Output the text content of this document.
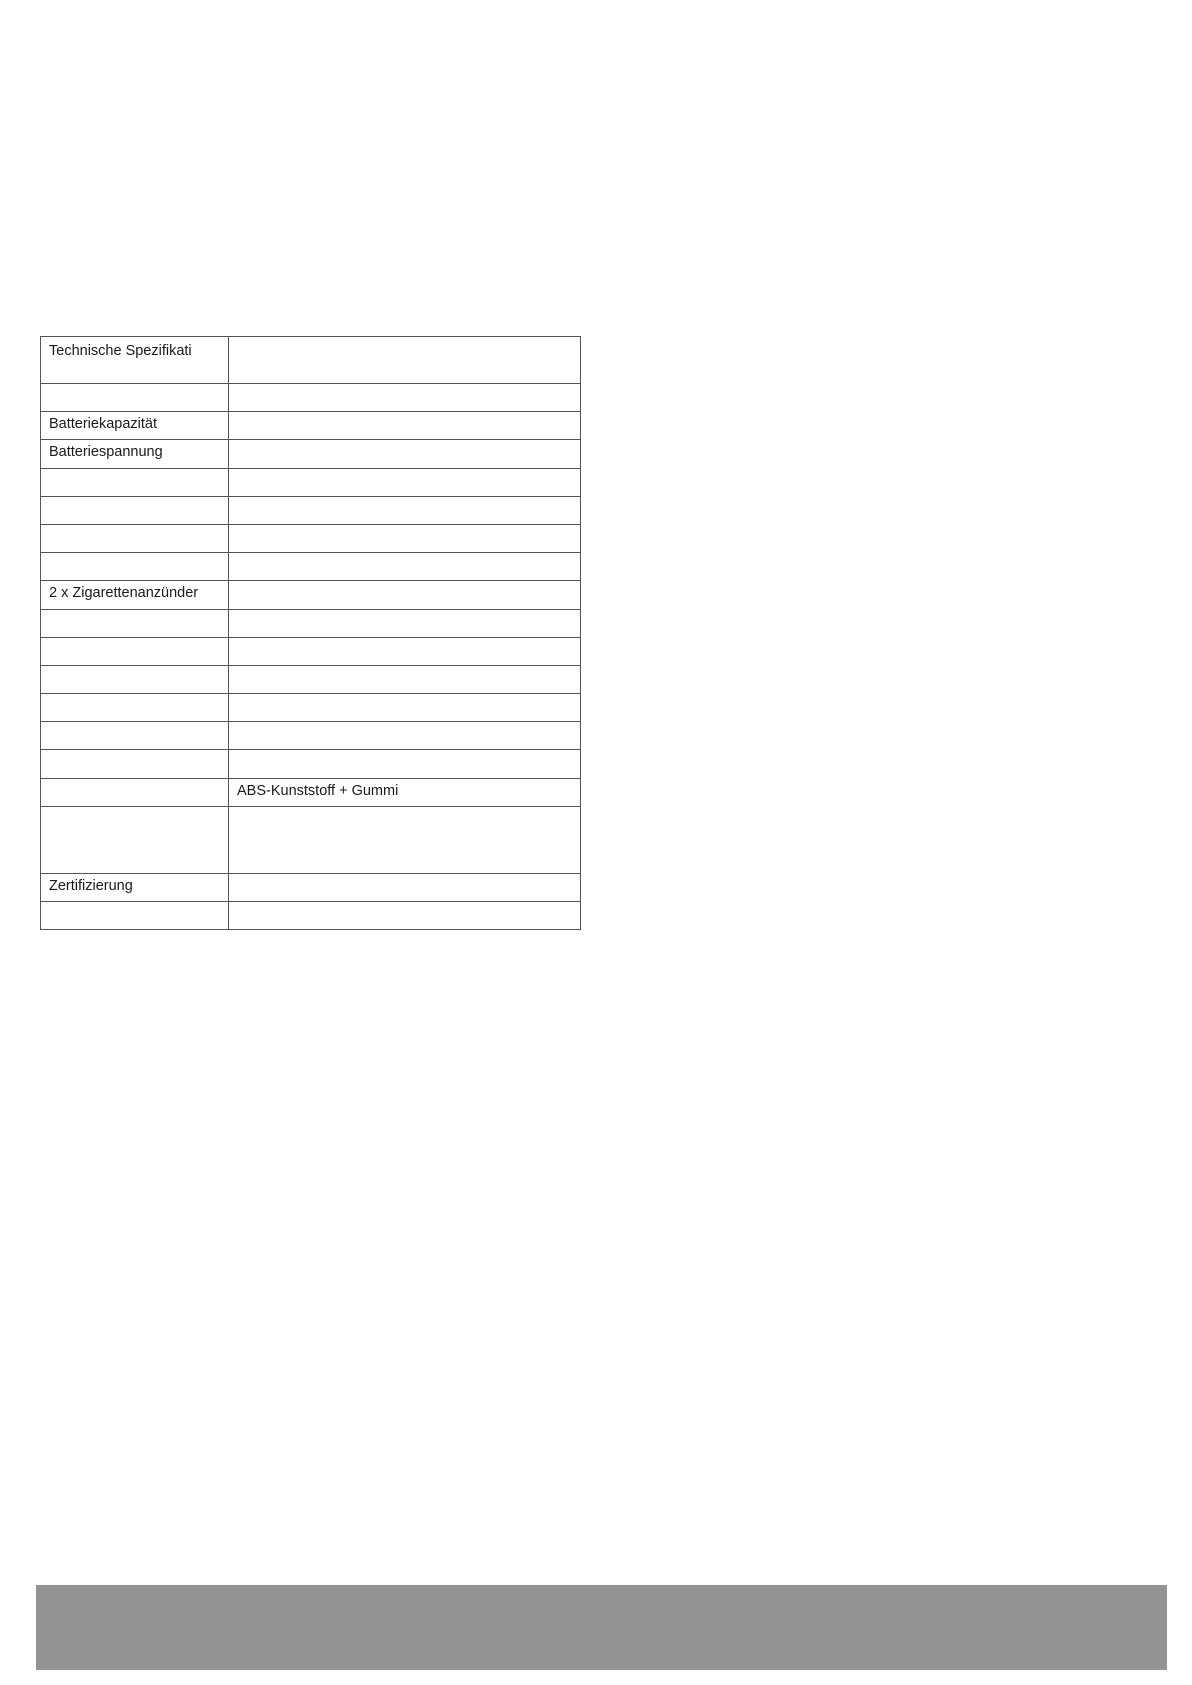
Technische Spezifikati	

Batteriekapazität	
Batteriespannung	

2 x Zigarettenanzünder	

	ABS-Kunststoff + Gummi

Zertifizierung	
